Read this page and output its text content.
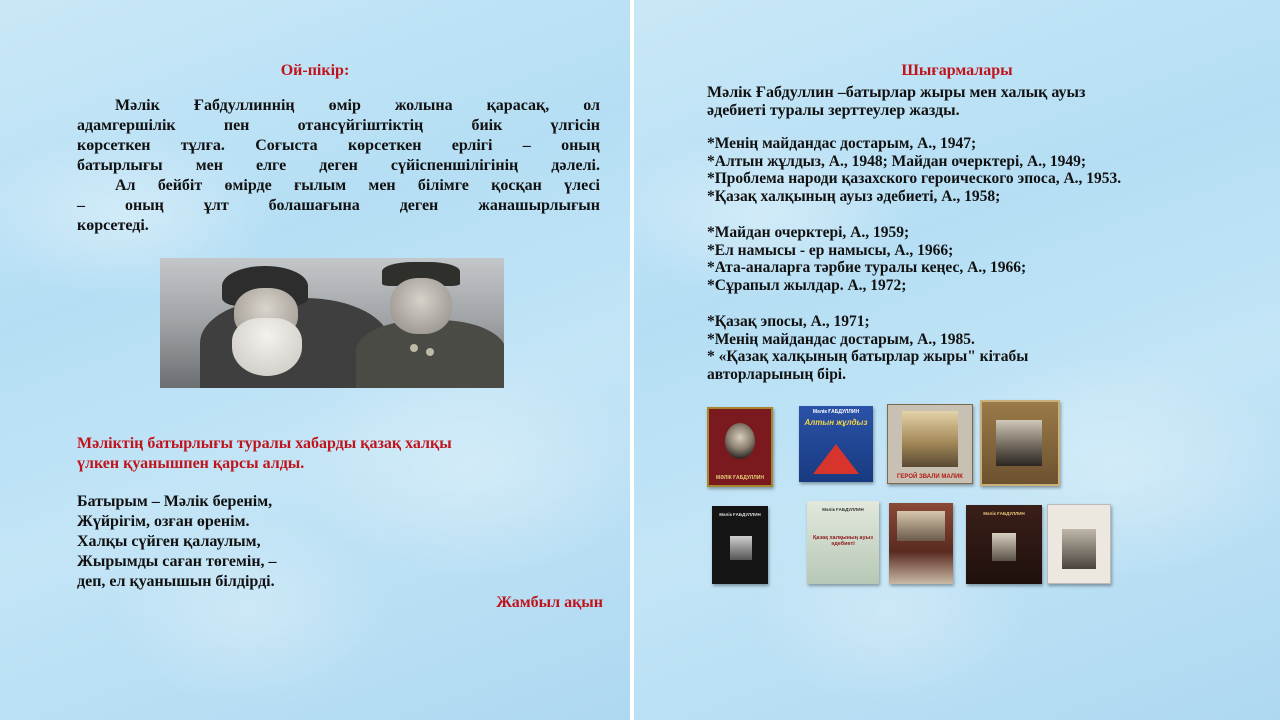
Ой-пікір:
Мәлік Ғабдуллиннің өмір жолына қарасақ, ол
адамгершілік пен отансүйгіштіктің биік үлгісін
көрсеткен тұлға. Соғыста көрсеткен ерлігі – оның
батырлығы мен елге деген сүйіспеншілігінің дәлелі.
Ал бейбіт өмірде ғылым мен білімге қосқан үлесі
– оның ұлт болашағына деген жанашырлығын
көрсетеді.
Мәліктің батырлығы туралы хабарды қазақ халқы
үлкен қуанышпен қарсы алды.
Батырым – Мәлік беренім,
Жүйрігім, озған өренім.
Халқы сүйген қалаулым,
Жырымды саған төгемін, –
деп, ел қуанышын білдірді.
Жамбыл ақын
Шығармалары
Мәлік Ғабдуллин –батырлар жыры мен халық ауыз
әдебиеті туралы зерттеулер жазды.
*Менің майдандас достарым, А., 1947;
*Алтын жұлдыз, А., 1948; Майдан очерктері, А., 1949;
*Проблема народи қазахского героического эпоса, А., 1953.
*Қазақ халқының ауыз әдебиеті, А., 1958;
*Майдан очерктері, А., 1959;
*Ел намысы - ер намысы, А., 1966;
*Ата-аналарға тәрбие туралы кеңес, А., 1966;
*Сұрапыл жылдар. А., 1972;
*Қазақ эпосы, А., 1971;
*Менің майдандас достарым, А., 1985.
* «Қазақ халқының батырлар жыры" кітабы
авторларының бірі.
МӘЛІК ҒАБДУЛЛИН
Мәлік ҒАБДУЛЛИН
Алтын жұлдыз
ГЕРОЙ ЗВАЛИ МАЛИК
Мәлік ҒАБДУЛЛИН
Мәлік ҒАБДУЛЛИН
Қазақ халқының ауыз әдебиеті
Мәлік ҒАБДУЛЛИН
